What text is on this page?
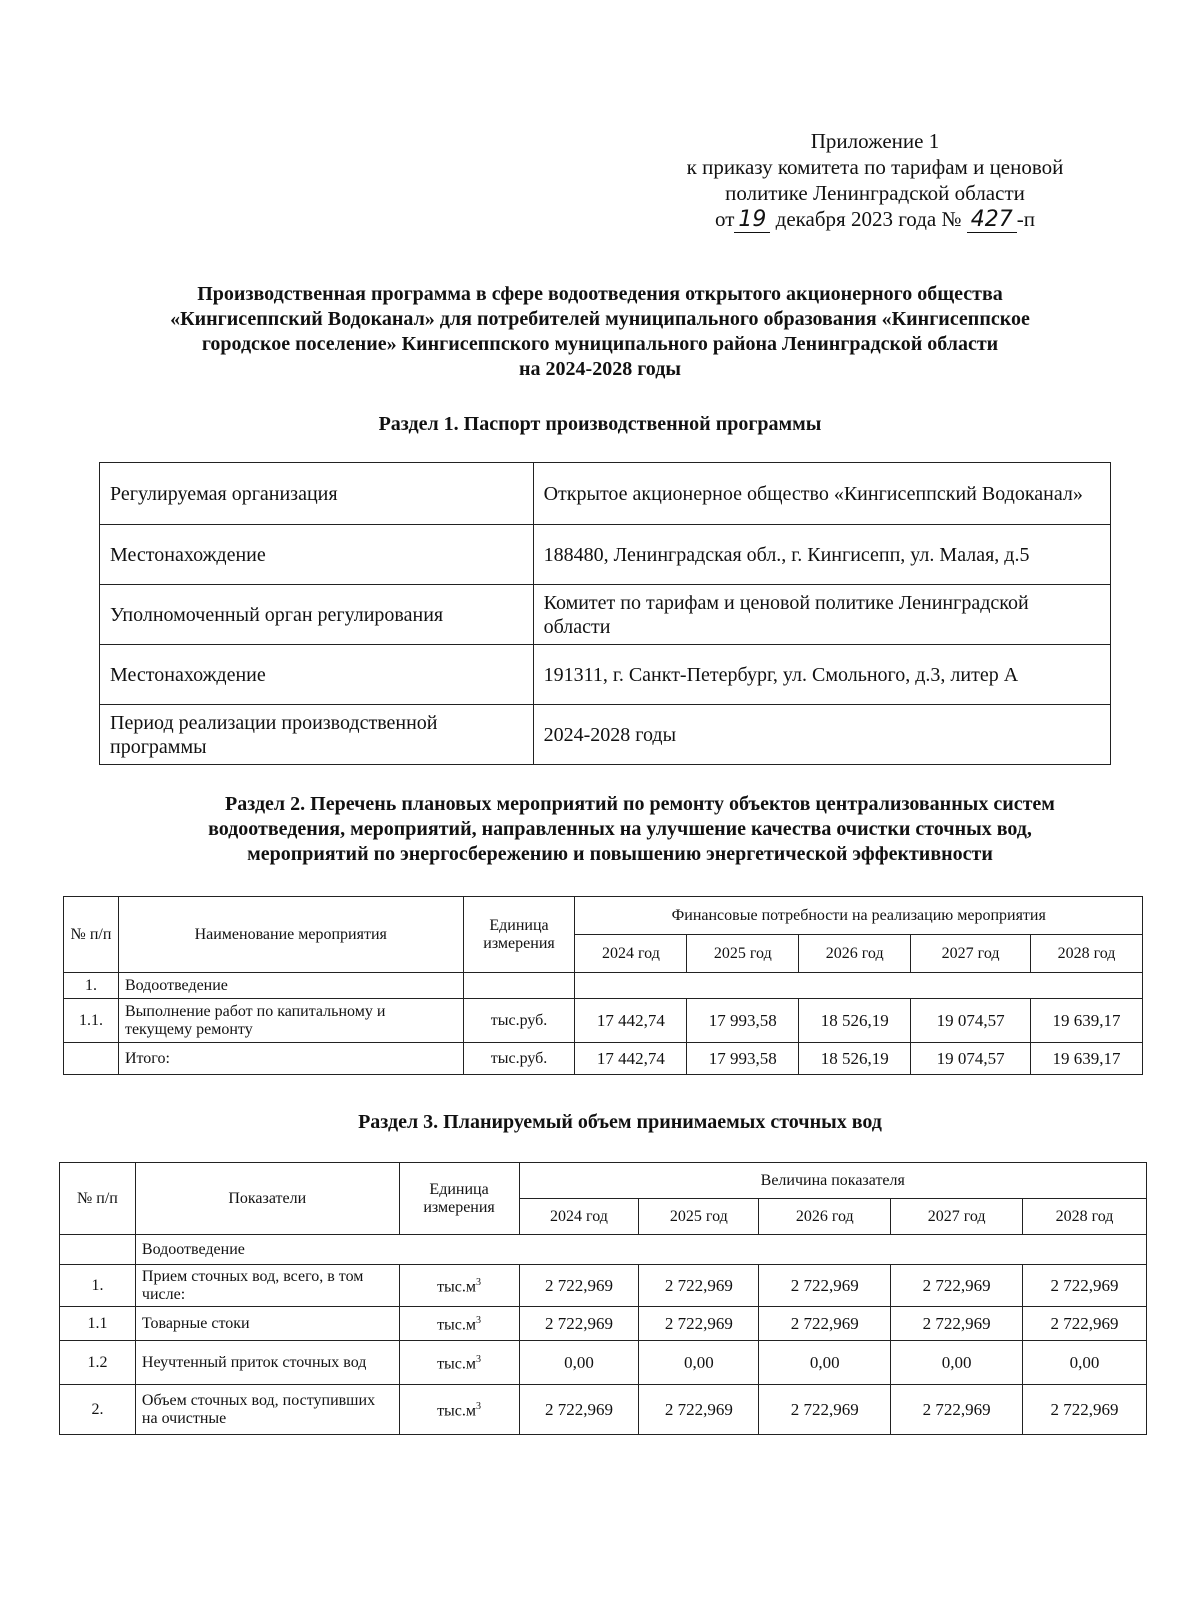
Приложение 1
к приказу комитета по тарифам и ценовой
политике Ленинградской области
от 19 декабря 2023 года № 427 -п
Производственная программа в сфере водоотведения открытого акционерного общества
«Кингисеппский Водоканал» для потребителей муниципального образования «Кингисеппское
городское поселение» Кингисеппского муниципального района Ленинградской области
на 2024-2028 годы
Раздел 1. Паспорт производственной программы
Регулируемая организация	Открытое акционерное общество «Кингисеппский Водоканал»
Местонахождение	188480, Ленинградская обл., г. Кингисепп, ул. Малая, д.5
Уполномоченный орган регулирования	Комитет по тарифам и ценовой политике Ленинградской области
Местонахождение	191311, г. Санкт-Петербург, ул. Смольного, д.3, литер А
Период реализации производственной программы	2024-2028 годы
Раздел 2. Перечень плановых мероприятий по ремонту объектов централизованных систем
водоотведения, мероприятий, направленных на улучшение качества очистки сточных вод,
мероприятий по энергосбережению и повышению энергетической эффективности
№ п/п	Наименование мероприятия	Единица измерения	Финансовые потребности на реализацию мероприятия				
			2024 год	2025 год	2026 год	2027 год	2028 год
1.	Водоотведение						
1.1.	Выполнение работ по капитальному и текущему ремонту	тыс.руб.	17 442,74	17 993,58	18 526,19	19 074,57	19 639,17
	Итого:	тыс.руб.	17 442,74	17 993,58	18 526,19	19 074,57	19 639,17
Раздел 3. Планируемый объем принимаемых сточных вод
№ п/п	Показатели	Единица измерения	Величина показателя				
			2024 год	2025 год	2026 год	2027 год	2028 год
	Водоотведение						
1.	Прием сточных вод, всего, в том числе:	$тыс.м^3$	2 722,969	2 722,969	2 722,969	2 722,969	2 722,969
1.1	Товарные стоки	$тыс.м^3$	2 722,969	2 722,969	2 722,969	2 722,969	2 722,969
1.2	Неучтенный приток сточных вод	$тыс.м^3$	0,00	0,00	0,00	0,00	0,00
2.	Объем сточных вод, поступивших на очистные	$тыс.м^3$	2 722,969	2 722,969	2 722,969	2 722,969	2 722,969
